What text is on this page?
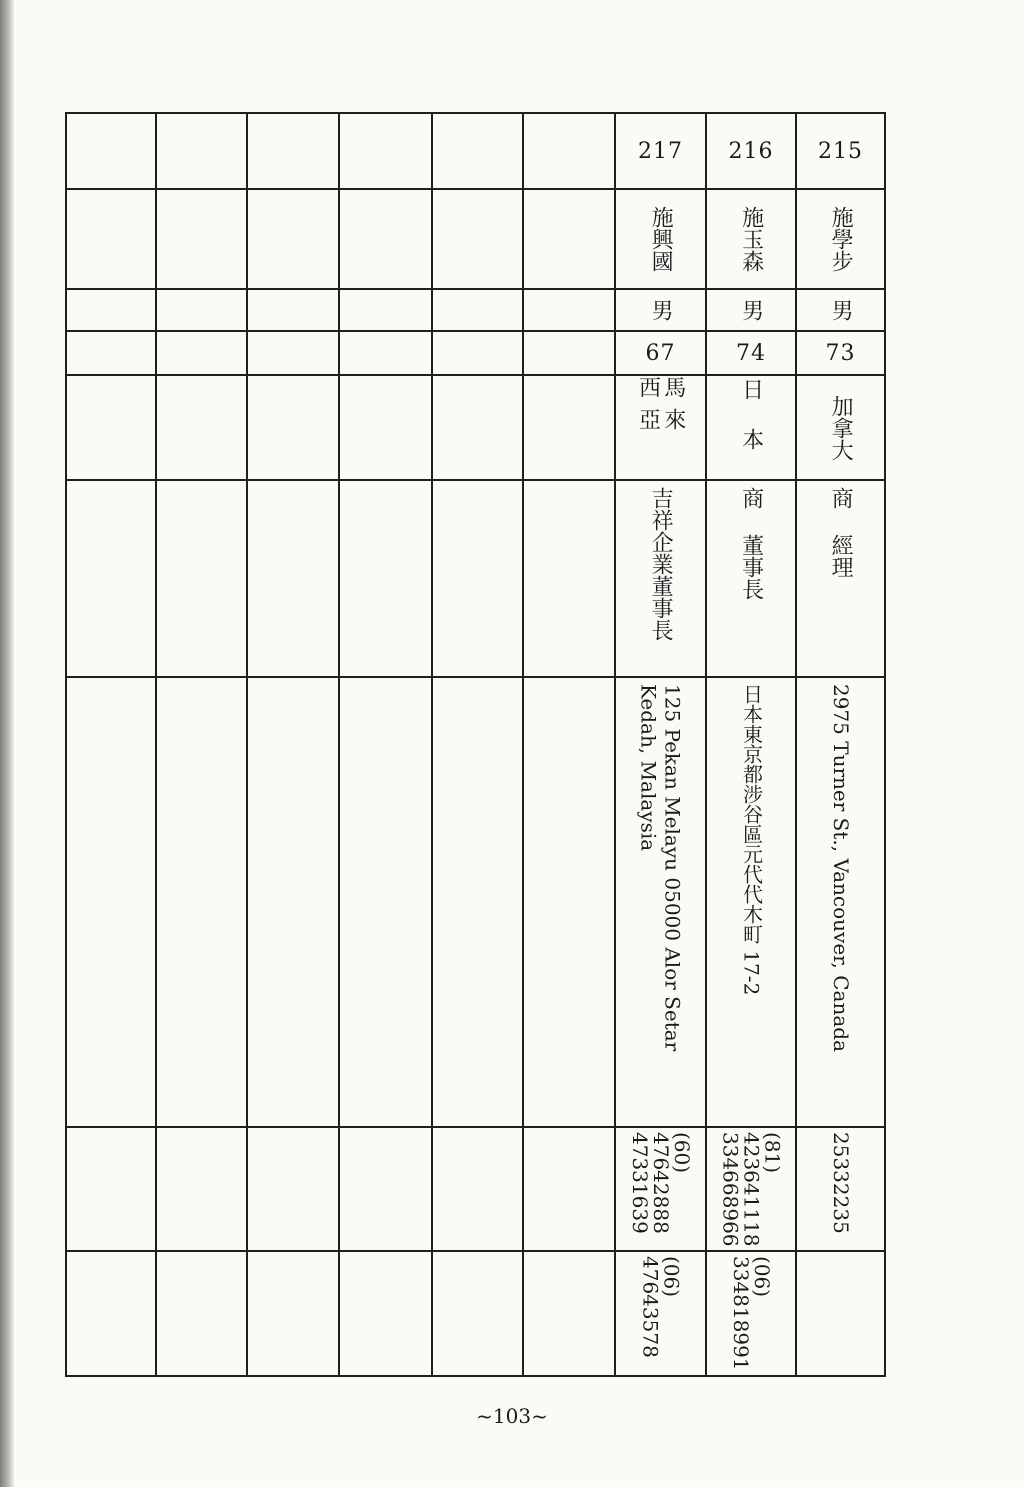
215
施學步
男
73
加拿大
商 經理
2975 Turner St., Vancouver, Canada
25332235
216
施玉森
男
74
日本
商 董事長
日本東京都涉谷區元代代木町 17-2
(81)
423641118
334668966
(06)
334818991
217
施興國
男
67
馬來 西亞
吉祥企業董事長
125 Pekan Melayu 05000 Alor Setar
Kedah, Malaysia
(60)
47642888
47331639
(06)
47643578
~103~
